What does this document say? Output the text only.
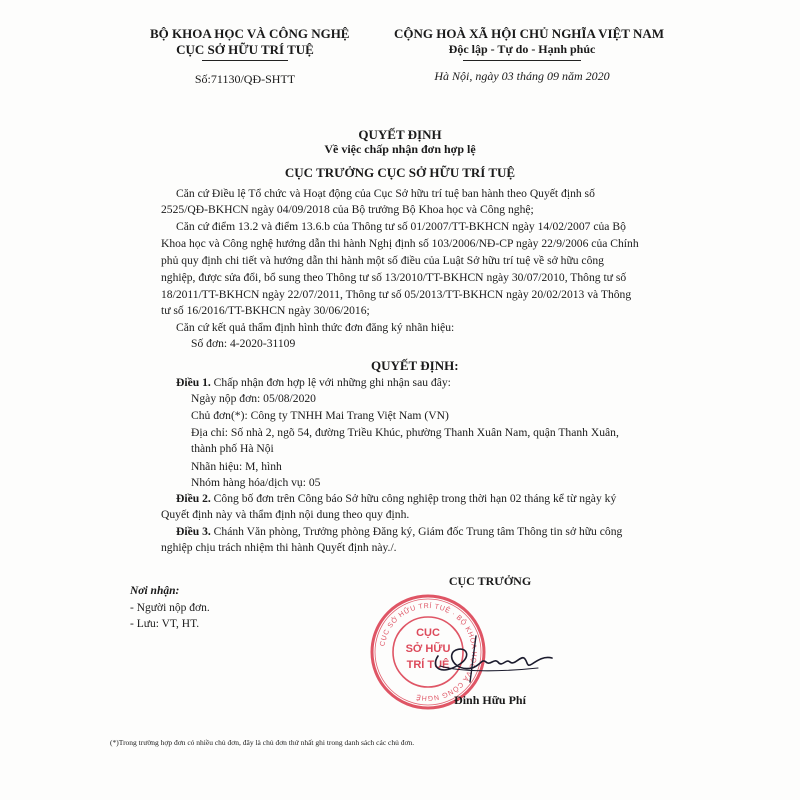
BỘ KHOA HỌC VÀ CÔNG NGHỆ
CỤC SỞ HỮU TRÍ TUỆ
Số:71130/QĐ-SHTT
CỘNG HOÀ XÃ HỘI CHỦ NGHĨA VIỆT NAM
Độc lập - Tự do - Hạnh phúc
Hà Nội, ngày 03 tháng 09 năm 2020
QUYẾT ĐỊNH
Về việc chấp nhận đơn hợp lệ
CỤC TRƯỞNG CỤC SỞ HỮU TRÍ TUỆ
Căn cứ Điều lệ Tổ chức và Hoạt động của Cục Sở hữu trí tuệ ban hành theo Quyết định số
2525/QĐ-BKHCN ngày 04/09/2018 của Bộ trưởng Bộ Khoa học và Công nghệ;
Căn cứ điểm 13.2 và điểm 13.6.b của Thông tư số 01/2007/TT-BKHCN ngày 14/02/2007 của Bộ
Khoa học và Công nghệ hướng dẫn thi hành Nghị định số 103/2006/NĐ-CP ngày 22/9/2006 của Chính
phủ quy định chi tiết và hướng dẫn thi hành một số điều của Luật Sở hữu trí tuệ về sở hữu công
nghiệp, được sửa đổi, bổ sung theo Thông tư số 13/2010/TT-BKHCN ngày 30/07/2010, Thông tư số
18/2011/TT-BKHCN ngày 22/07/2011, Thông tư số 05/2013/TT-BKHCN ngày 20/02/2013 và Thông
tư số 16/2016/TT-BKHCN ngày 30/06/2016;
Căn cứ kết quả thẩm định hình thức đơn đăng ký nhãn hiệu:
Số đơn: 4-2020-31109
QUYẾT ĐỊNH:
Điều 1. Chấp nhận đơn hợp lệ với những ghi nhận sau đây:
Ngày nộp đơn: 05/08/2020
Chủ đơn(*): Công ty TNHH Mai Trang Việt Nam (VN)
Địa chỉ: Số nhà 2, ngõ 54, đường Triều Khúc, phường Thanh Xuân Nam, quận Thanh Xuân,
thành phố Hà Nội
Nhãn hiệu: M, hình
Nhóm hàng hóa/dịch vụ: 05
Điều 2. Công bố đơn trên Công báo Sở hữu công nghiệp trong thời hạn 02 tháng kể từ ngày ký
Quyết định này và thẩm định nội dung theo quy định.
Điều 3. Chánh Văn phòng, Trưởng phòng Đăng ký, Giám đốc Trung tâm Thông tin sở hữu công
nghiệp chịu trách nhiệm thi hành Quyết định này./.
Nơi nhận:
- Người nộp đơn.
- Lưu: VT, HT.
CỤC TRƯỞNG
CỤC SỞ HỮU TRÍ TUỆ · BỘ KHOA HỌC VÀ CÔNG NGHỆ
CỤC
SỞ HỮU
TRÍ TUỆ
Đinh Hữu Phí
(*)Trong trường hợp đơn có nhiều chủ đơn, đây là chủ đơn thứ nhất ghi trong danh sách các chủ đơn.
